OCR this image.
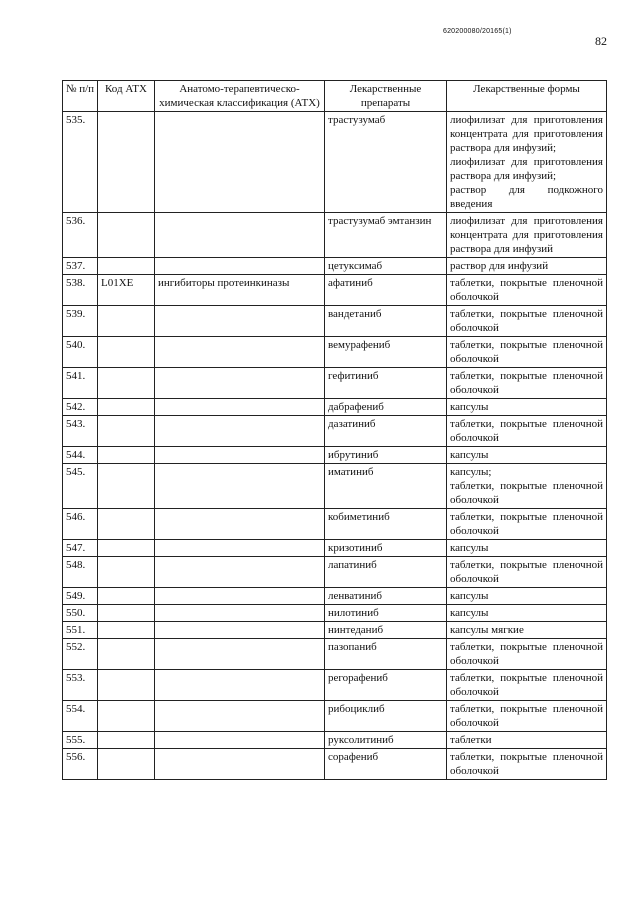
620200080/20165(1)
82
№ п/п	Код АТХ	Анатомо-терапевтическо-химическая классификация (АТХ)	Лекарственные препараты	Лекарственные формы
535.			трастузумаб	лиофилизат для приготовления концентрата для приготовления раствора для инфузий;
лиофилизат для приготовления раствора для инфузий;
раствор для подкожного введения

536.			трастузумаб эмтанзин	лиофилизат для приготовления концентрата для приготовления раствора для инфузий

537.			цетуксимаб	раствор для инфузий

538.	L01XE	ингибиторы протеинкиназы	афатиниб	таблетки, покрытые пленочной оболочкой

539.			вандетаниб	таблетки, покрытые пленочной оболочкой

540.			вемурафениб	таблетки, покрытые пленочной оболочкой

541.			гефитиниб	таблетки, покрытые пленочной оболочкой

542.			дабрафениб	капсулы

543.			дазатиниб	таблетки, покрытые пленочной оболочкой

544.			ибрутиниб	капсулы

545.			иматиниб	капсулы;
таблетки, покрытые пленочной оболочкой

546.			кобиметиниб	таблетки, покрытые пленочной оболочкой

547.			кризотиниб	капсулы

548.			лапатиниб	таблетки, покрытые пленочной оболочкой

549.			ленватиниб	капсулы

550.			нилотиниб	капсулы

551.			нинтеданиб	капсулы мягкие

552.			пазопаниб	таблетки, покрытые пленочной оболочкой

553.			регорафениб	таблетки, покрытые пленочной оболочкой

554.			рибоциклиб	таблетки, покрытые пленочной оболочкой

555.			руксолитиниб	таблетки

556.			сорафениб	таблетки, покрытые пленочной оболочкой
